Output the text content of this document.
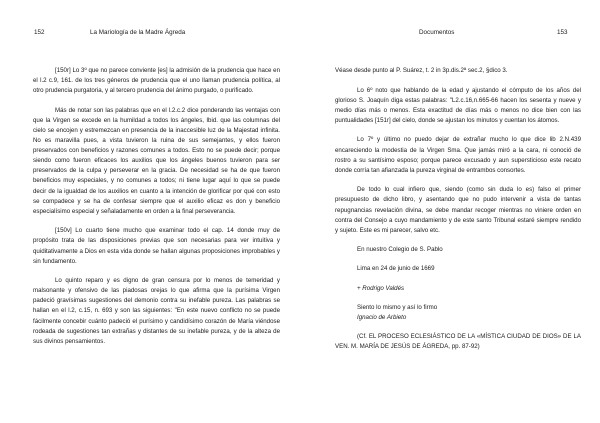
152	La Mariología de la Madre Ágreda

[150r] Lo 3º que no parece conviente [es] la admisión de la prudencia que hace en el l.2 c.9, 161. de los tres géneros de prudencia que el uno llaman prudencia política, al otro prudencia purgatoria, y al tercero prudencia del ánimo purgado, o purificado.

Más de notar son las palabras que en el l.2.c.2 dice ponderando las ventajas con que la Virgen se excede en la humildad a todos los ángeles, Ibid. que las columnas del cielo se encojen y estremezcan en presencia de la inaccesible luz de la Majestad infinita. No es maravilla pues, a vista tuvieron la ruina de sus semejantes, y ellos fueron preservados con beneficios y razones comunes a todos. Esto no se puede decir; porque siendo como fueron eficaces los auxilios que los ángeles buenos tuvieron para ser preservados de la culpa y perseverar en la gracia. De necesidad se ha de que fueron beneficios muy especiales, y no comunes a todos; ni tiene lugar aquí lo que se puede decir de la igualdad de los auxilios en cuanto a la intención de glorificar por qué con esto se compadece y se ha de confesar siempre que el auxilio eficaz es don y beneficio especialísimo especial y señaladamente en orden a la final perseverancia.

[150v] Lo cuarto tiene mucho que examinar todo el cap. 14 donde muy de propósito trata de las disposiciones previas que son necesarias para ver intuitiva y quiditativamente a Dios en esta vida donde se hallan algunas proposiciones improbables y sin fundamento.

Lo quinto reparo y es digno de gran censura por lo menos de temeridad y malsonante y ofensivo de las piadosas orejas lo que afirma que la purísima Virgen padeció gravísimas sugestiones del demonio contra su inefable pureza. Las palabras se hallan en el l.2, c.15, n. 693 y son las siguientes: "En este nuevo conflicto no se puede fácilmente concebir cuánto padeció el purísimo y candidísimo corazón de María viéndose rodeada de sugestiones tan extrañas y distantes de su inefable pureza, y de la alteza de sus divinos pensamientos.

Documentos	153

Véase desde punto al P. Suárez, t. 2 in 3p.dis.2ª sec.2, §dico 3.

Lo 6º noto que hablando de la edad y ajustando el cómputo de los años del glorioso S. Joaquín diga estas palabras: "L2.c.16,n.665-66 hacen los sesenta y nueve y medio días más o menos. Esta exactitud de días más o menos no dice bien con las puntualidades [151r] del cielo, donde se ajustan los minutos y cuentan los átomos.

Lo 7º y último no puedo dejar de extrañar mucho lo que dice lib 2.N.439 encareciendo la modestia de la Virgen Sma. Que jamás miró a la cara, ni conoció de rostro a su santísimo esposo; porque parece excusado y aun supersticioso este recato donde corría tan afianzada la pureza virginal de entrambos consortes.

De todo lo cual infiero que, siendo (como sin duda lo es) falso el primer presupuesto de dicho libro, y asentando que no pudo intervenir a vista de tantas repugnancias revelación divina, se debe mandar recoger mientras no viniere orden en contra del Consejo a cuyo mandamiento y de este santo Tribunal estaré siempre rendido y sujeto. Este es mi parecer, salvo etc.

En nuestro Colegio de S. Pablo

Lima en 24 de junio de 1669

+ Rodrigo Valdés

Siento lo mismo y así lo firmo

Ignacio de Arbieto

(Cf. EL PROCESO ECLESIÁSTICO DE LA «MÍSTICA CIUDAD DE DIOS» DE LA VEN. M. MARÍA DE JESÚS DE ÁGREDA, pp. 87-92)
